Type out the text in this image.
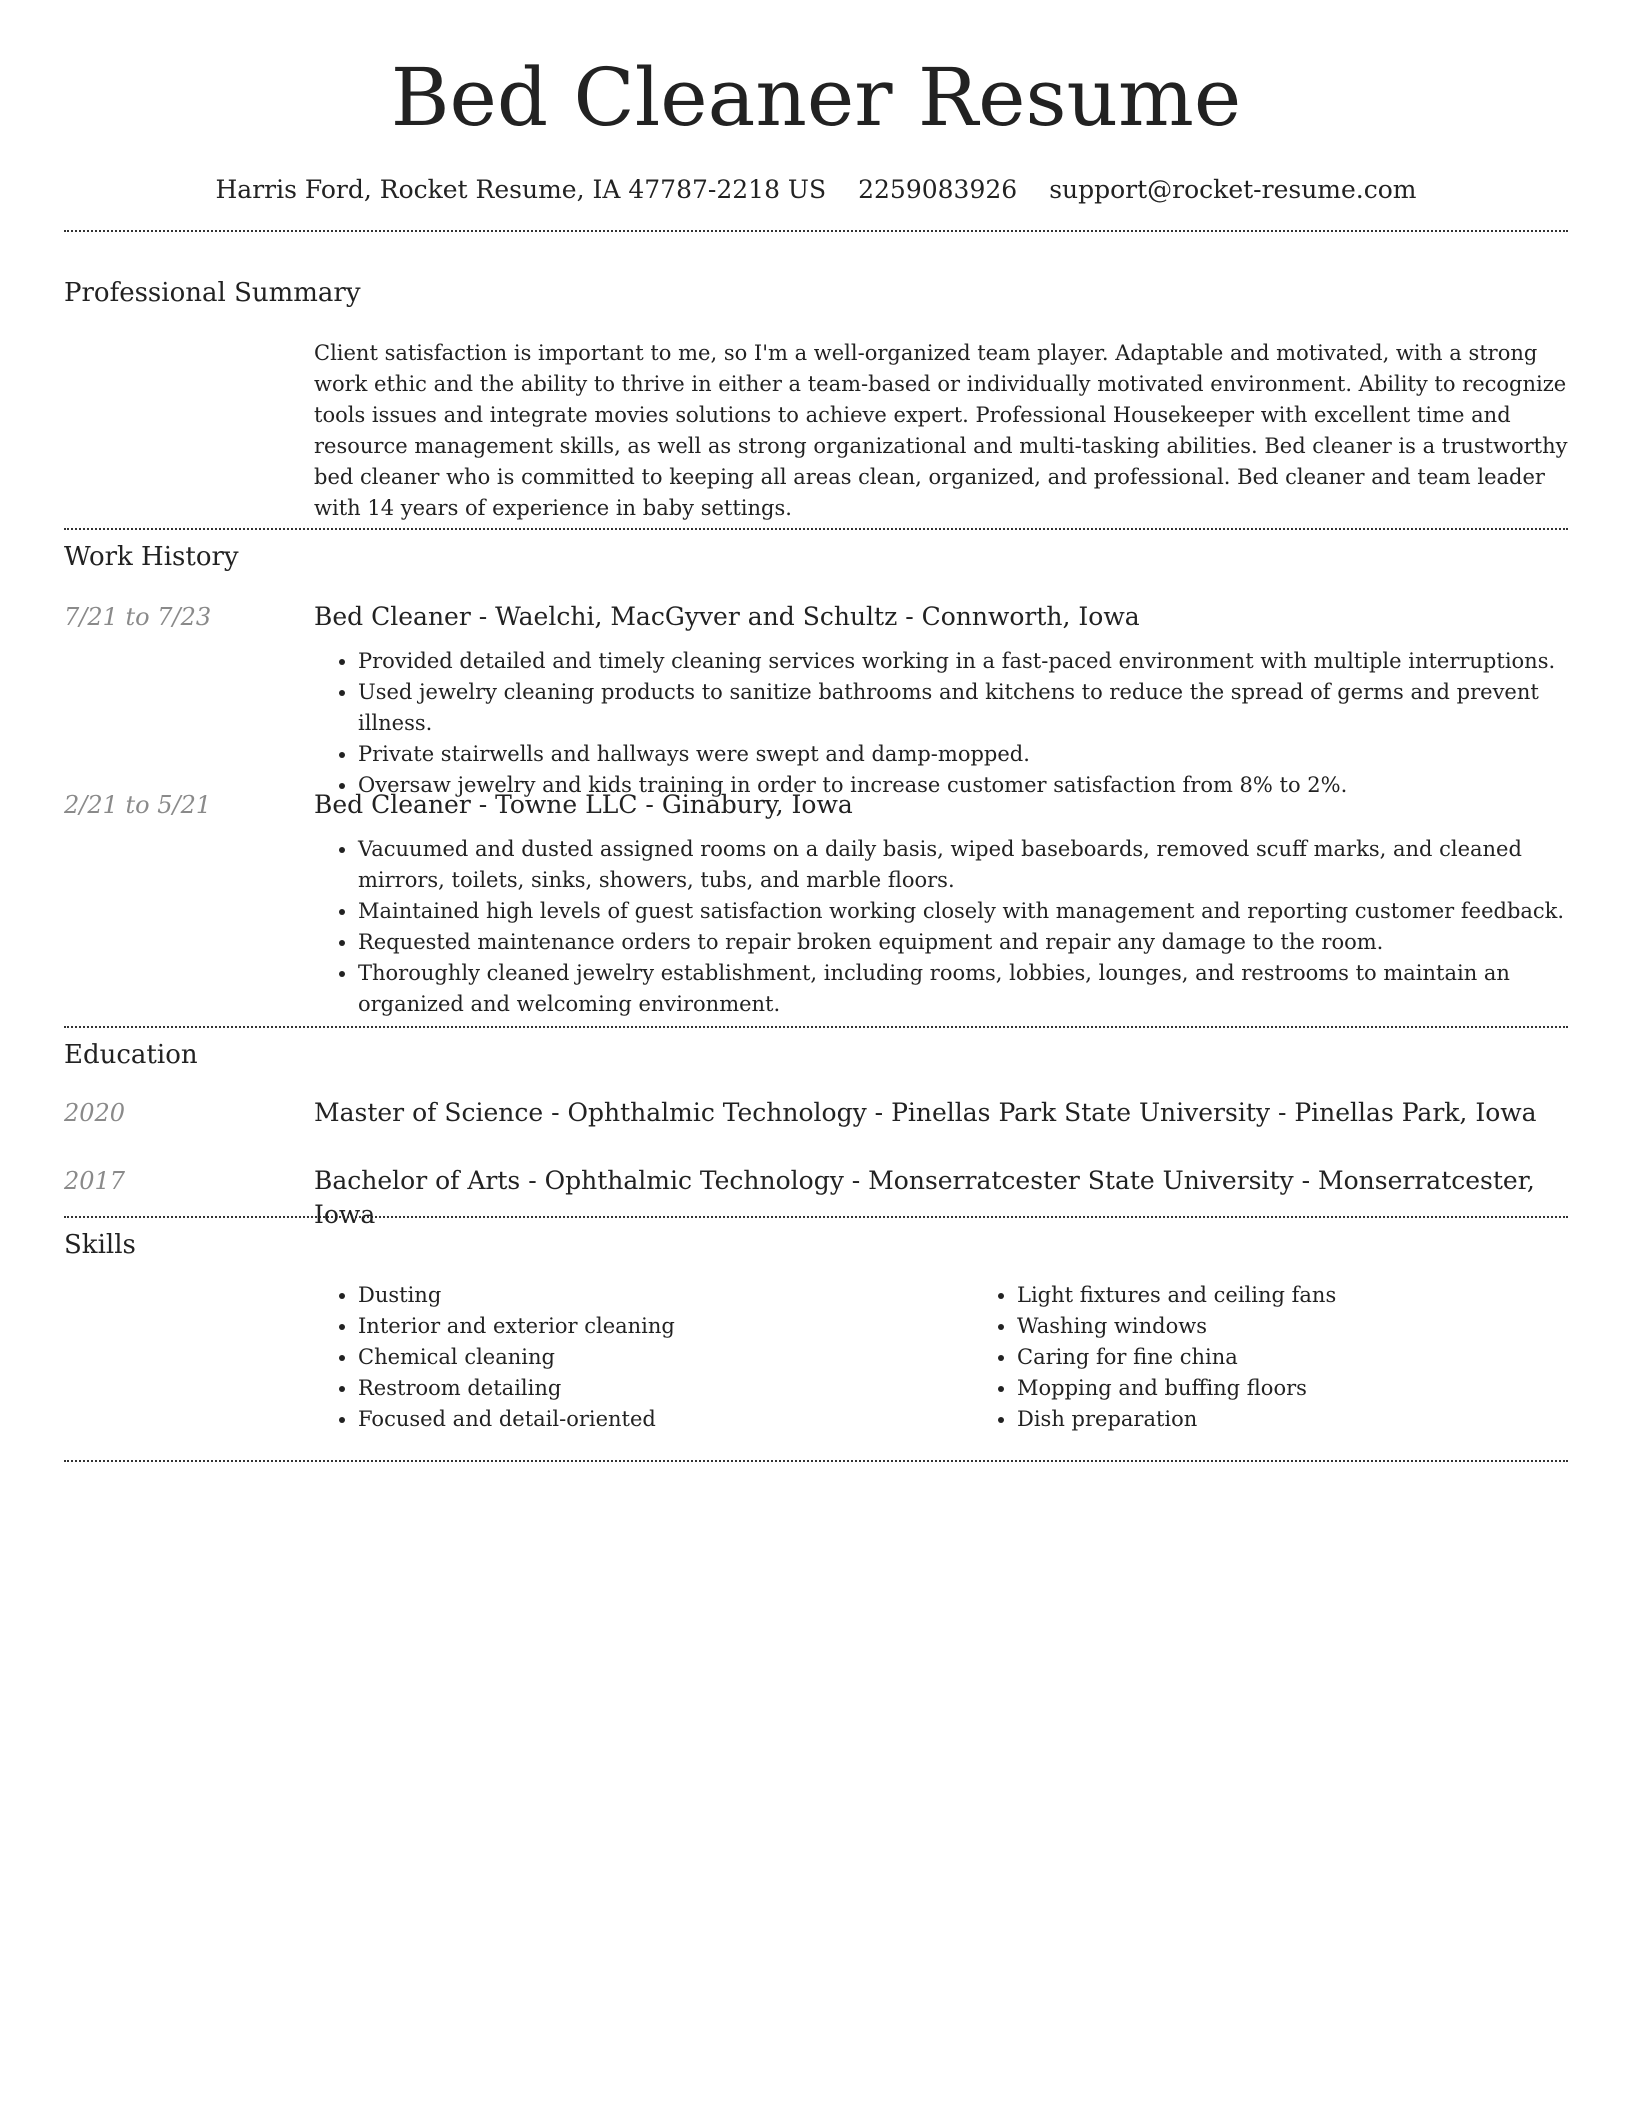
Bed Cleaner Resume
Harris Ford, Rocket Resume, IA 47787-2218 US 2259083926 support@rocket-resume.com
Professional Summary

Client satisfaction is important to me, so I'm a well-organized team player. Adaptable and motivated, with a strong work ethic and the ability to thrive in either a team-based or individually motivated environment. Ability to recognize tools issues and integrate movies solutions to achieve expert. Professional Housekeeper with excellent time and resource management skills, as well as strong organizational and multi-tasking abilities. Bed cleaner is a trustworthy bed cleaner who is committed to keeping all areas clean, organized, and professional. Bed cleaner and team leader with 14 years of experience in baby settings.

Work History
7/21 to 7/23	Bed Cleaner - Waelchi, MacGyver and Schultz - Connworth, Iowa
• Provided detailed and timely cleaning services working in a fast-paced environment with multiple interruptions.
• Used jewelry cleaning products to sanitize bathrooms and kitchens to reduce the spread of germs and prevent illness.
• Private stairwells and hallways were swept and damp-mopped.
• Oversaw jewelry and kids training in order to increase customer satisfaction from 8% to 2%.
2/21 to 5/21	Bed Cleaner - Towne LLC - Ginabury, Iowa
• Vacuumed and dusted assigned rooms on a daily basis, wiped baseboards, removed scuff marks, and cleaned mirrors, toilets, sinks, showers, tubs, and marble floors.
• Maintained high levels of guest satisfaction working closely with management and reporting customer feedback.
• Requested maintenance orders to repair broken equipment and repair any damage to the room.
• Thoroughly cleaned jewelry establishment, including rooms, lobbies, lounges, and restrooms to maintain an organized and welcoming environment.
Education
2020	Master of Science - Ophthalmic Technology - Pinellas Park State University - Pinellas Park, Iowa
2017	Bachelor of Arts - Ophthalmic Technology - Monserratcester State University - Monserratcester, Iowa
Skills
• Dusting
• Interior and exterior cleaning
• Chemical cleaning
• Restroom detailing
• Focused and detail-oriented
• Light fixtures and ceiling fans
• Washing windows
• Caring for fine china
• Mopping and buffing floors
• Dish preparation
